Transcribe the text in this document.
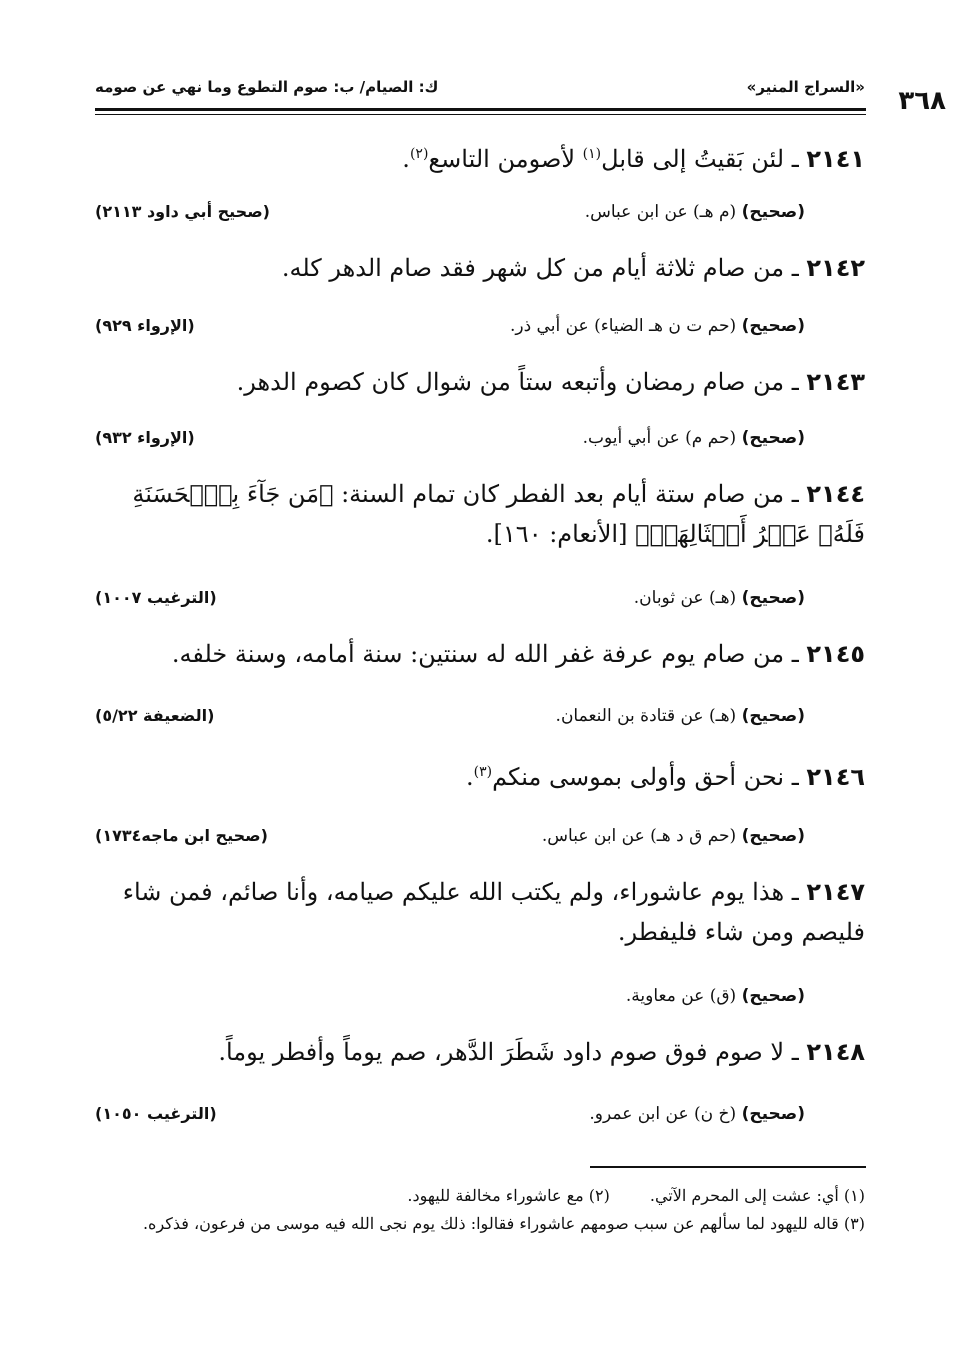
«السراج المنير»
ك: الصيام/ ب: صوم التطوع وما نهي عن صومه	٣٦٨
٢١٤١ ـ لئن بَقيتُ إلى قابل$^{(١)}$ لأصومن التاسع$^{(٢)}$.
(صحيح) (م هـ) عن ابن عباس.
(صحيح أبي داود ٢١١٣)
٢١٤٢ ـ من صام ثلاثة أيام من كل شهر فقد صام الدهر كله.
(صحيح) (حم ت ن هـ الضياء) عن أبي ذر.
(الإرواء ٩٢٩)
٢١٤٣ ـ من صام رمضان وأتبعه ستاً من شوال كان كصوم الدهر.
(صحيح) (حم م) عن أبي أيوب.
(الإرواء ٩٣٢)
٢١٤٤ ـ من صام ستة أيام بعد الفطر كان تمام السنة: ﴿مَن جَآءَ بِٱلۡحَسَنَةِ فَلَهُۥ عَشۡرُ أَمۡثَالِهَاۖ﴾ [الأنعام: ١٦٠].
(صحيح) (هـ) عن ثوبان.
(الترغيب ١٠٠٧)
٢١٤٥ ـ من صام يوم عرفة غفر الله له سنتين: سنة أمامه، وسنة خلفه.
(صحيح) (هـ) عن قتادة بن النعمان.
(الضعيفة ٥/٢٢)
٢١٤٦ ـ نحن أحق وأولى بموسى منكم$^{(٣)}$.
(صحيح) (حم ق د هـ) عن ابن عباس.
(صحيح ابن ماجه١٧٣٤)
٢١٤٧ ـ هذا يوم عاشوراء، ولم يكتب الله عليكم صيامه، وأنا صائم، فمن شاء فليصم ومن شاء فليفطر.
(صحيح) (ق) عن معاوية.
٢١٤٨ ـ لا صوم فوق صوم داود شَطَرَ الدَّهر، صم يوماً وأفطر يوماً.
(صحيح) (خ ن) عن ابن عمرو.
(الترغيب ١٠٥٠)
(١) أي: عشت إلى المحرم الآتي.(٢) مع عاشوراء مخالفة لليهود.
(٣) قاله لليهود لما سألهم عن سبب صومهم عاشوراء فقالوا: ذلك يوم نجى الله فيه موسى من فرعون، فذكره.
